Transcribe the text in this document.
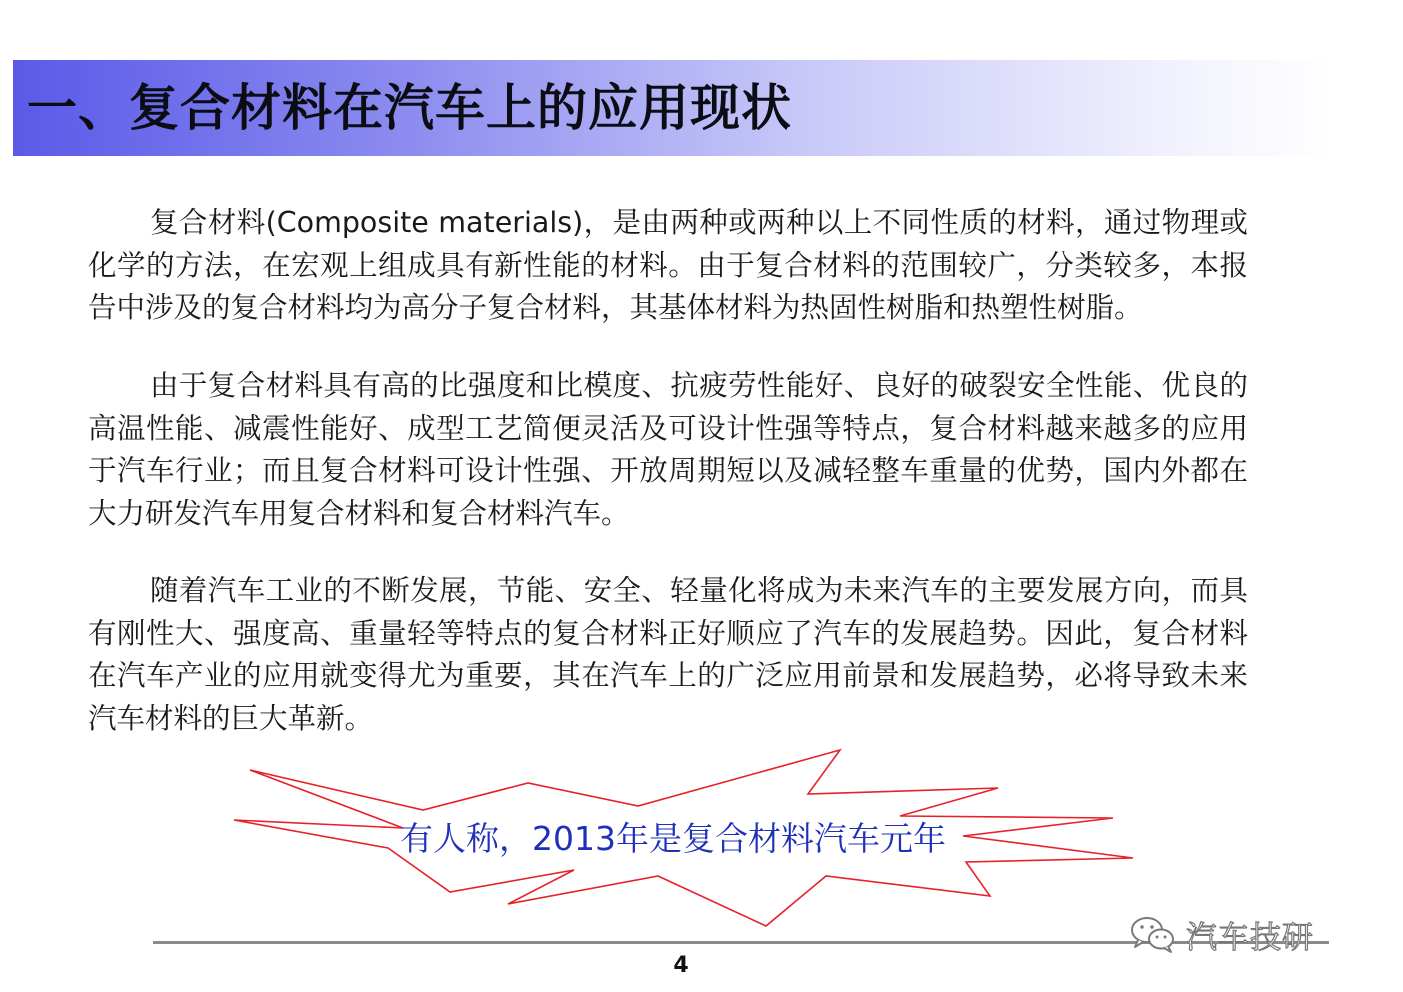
一、复合材料在汽车上的应用现状

复合材料(Composite materials)，是由两种或两种以上不同性质的材料，通过物理或化学的方法，在宏观上组成具有新性能的材料。由于复合材料的范围较广，分类较多，本报告中涉及的复合材料均为高分子复合材料，其基体材料为热固性树脂和热塑性树脂。

由于复合材料具有高的比强度和比模度、抗疲劳性能好、良好的破裂安全性能、优良的高温性能、减震性能好、成型工艺简便灵活及可设计性强等特点，复合材料越来越多的应用于汽车行业；而且复合材料可设计性强、开放周期短以及减轻整车重量的优势，国内外都在大力研发汽车用复合材料和复合材料汽车。

随着汽车工业的不断发展，节能、安全、轻量化将成为未来汽车的主要发展方向，而具有刚性大、强度高、重量轻等特点的复合材料正好顺应了汽车的发展趋势。因此，复合材料在汽车产业的应用就变得尤为重要，其在汽车上的广泛应用前景和发展趋势，必将导致未来汽车材料的巨大革新。

有人称，2013年是复合材料汽车元年
4
汽车技研
